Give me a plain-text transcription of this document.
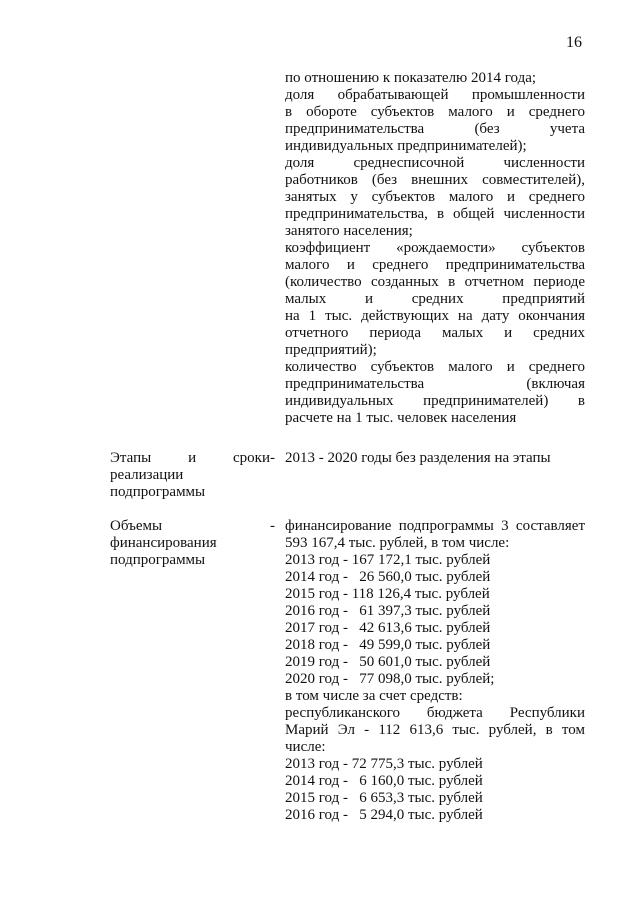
16
по отношению к показателю 2014 года;
доля обрабатывающей промышленности
в обороте субъектов малого и среднего
предпринимательства (без учета
индивидуальных предпринимателей);
доля среднесписочной численности
работников (без внешних совместителей),
занятых у субъектов малого и среднего
предпринимательства, в общей численности
занятого населения;
коэффициент «рождаемости» субъектов
малого и среднего предпринимательства
(количество созданных в отчетном периоде
малых и средних предприятий
на 1 тыс. действующих на дату окончания
отчетного периода малых и средних
предприятий);
количество субъектов малого и среднего
предпринимательства (включая
индивидуальных предпринимателей) в
расчете на 1 тыс. человек населения
Этапы и сроки
реализации
подпрограммы
- 2013 - 2020 годы без разделения на этапы
Объемы
финансирования
подпрограммы
- финансирование подпрограммы 3 составляет
593 167,4 тыс. рублей, в том числе:
2013 год - 167 172,1 тыс. рублей
2014 год -   26 560,0 тыс. рублей
2015 год - 118 126,4 тыс. рублей
2016 год -   61 397,3 тыс. рублей
2017 год -   42 613,6 тыс. рублей
2018 год -   49 599,0 тыс. рублей
2019 год -   50 601,0 тыс. рублей
2020 год -   77 098,0 тыс. рублей;
в том числе за счет средств:
республиканского бюджета Республики
Марий Эл - 112 613,6 тыс. рублей, в том
числе:
2013 год - 72 775,3 тыс. рублей
2014 год -   6 160,0 тыс. рублей
2015 год -   6 653,3 тыс. рублей
2016 год -   5 294,0 тыс. рублей
